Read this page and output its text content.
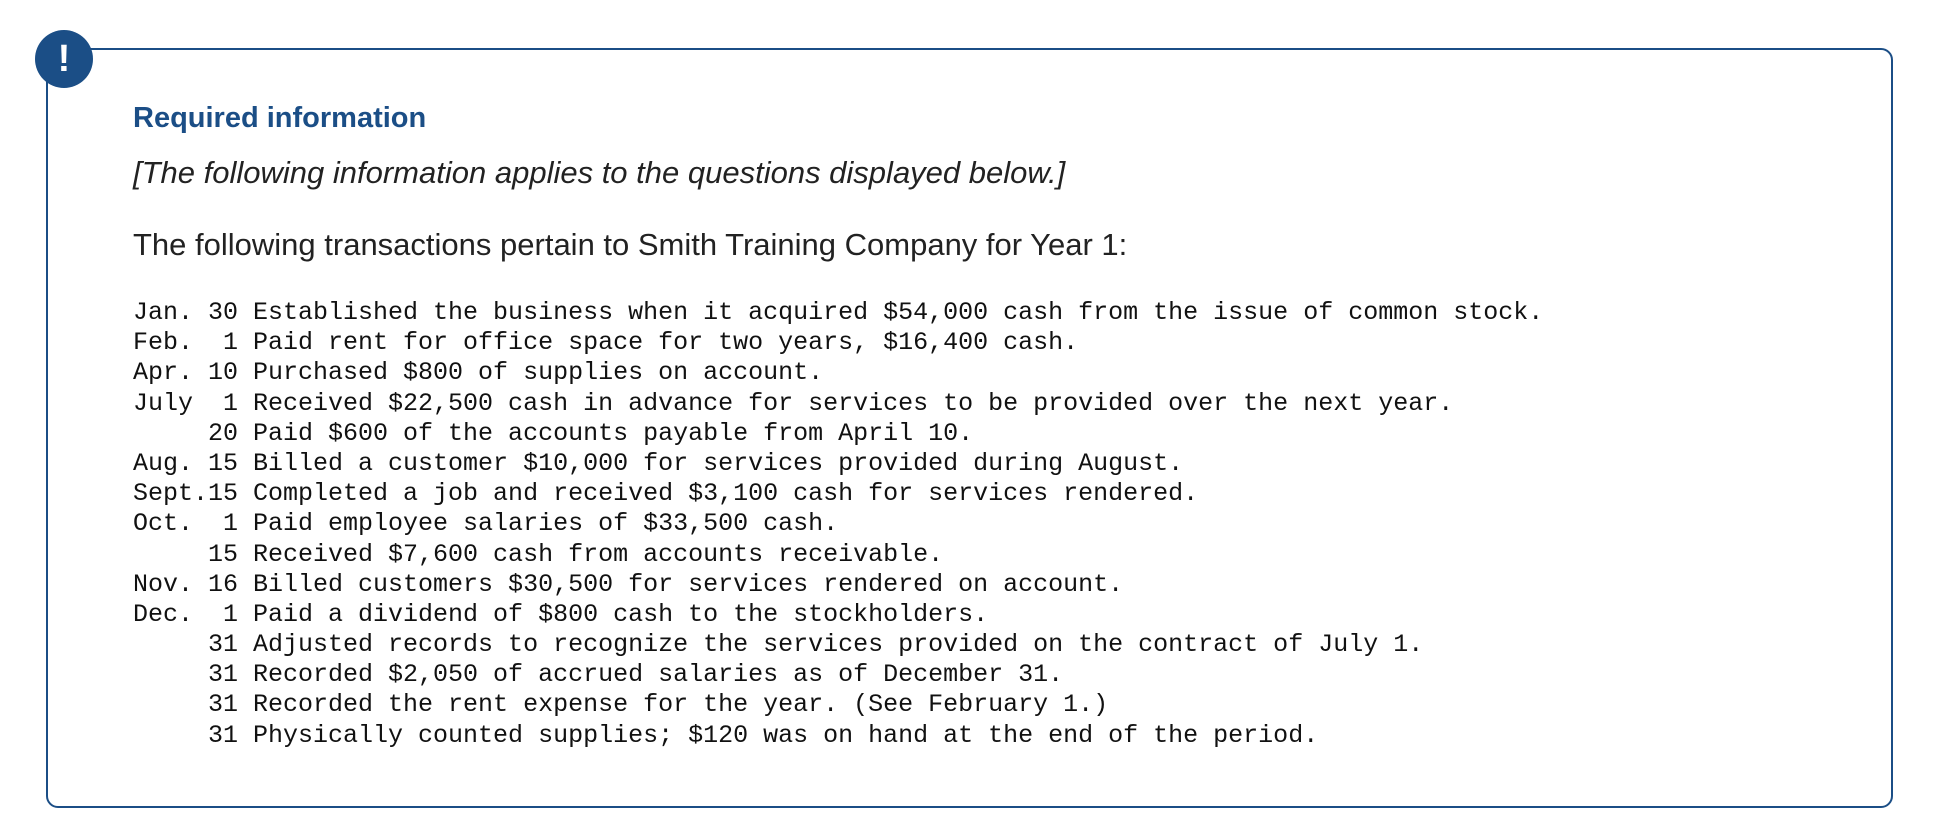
!
Required information
[The following information applies to the questions displayed below.]
The following transactions pertain to Smith Training Company for Year 1:
Jan. 30 Established the business when it acquired $54,000 cash from the issue of common stock.
Feb.  1 Paid rent for office space for two years, $16,400 cash.
Apr. 10 Purchased $800 of supplies on account.
July  1 Received $22,500 cash in advance for services to be provided over the next year.
20 Paid $600 of the accounts payable from April 10.
Aug. 15 Billed a customer $10,000 for services provided during August.
Sept.15 Completed a job and received $3,100 cash for services rendered.
Oct.  1 Paid employee salaries of $33,500 cash.
15 Received $7,600 cash from accounts receivable.
Nov. 16 Billed customers $30,500 for services rendered on account.
Dec.  1 Paid a dividend of $800 cash to the stockholders.
31 Adjusted records to recognize the services provided on the contract of July 1.
31 Recorded $2,050 of accrued salaries as of December 31.
31 Recorded the rent expense for the year. (See February 1.)
31 Physically counted supplies; $120 was on hand at the end of the period.
